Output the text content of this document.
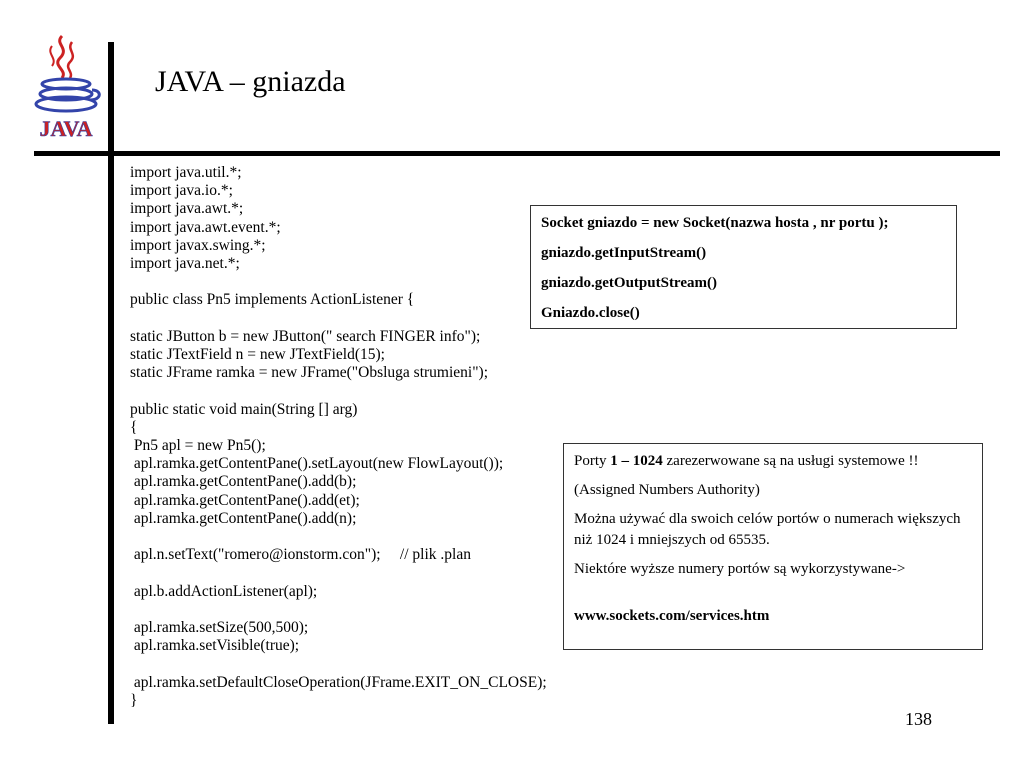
JAVA
JAVA – gniazda
import java.util.*;
import java.io.*;
import java.awt.*;
import java.awt.event.*;
import javax.swing.*;
import java.net.*;

public class Pn5 implements ActionListener {

static JButton b = new JButton(" search FINGER info");
static JTextField n = new JTextField(15);
static JFrame ramka = new JFrame("Obsluga strumieni");

public static void main(String [] arg)
{
Pn5 apl = new Pn5();
apl.ramka.getContentPane().setLayout(new FlowLayout());
apl.ramka.getContentPane().add(b);
apl.ramka.getContentPane().add(et);
apl.ramka.getContentPane().add(n);

apl.n.setText("romero@ionstorm.con");     // plik .plan

apl.b.addActionListener(apl);

apl.ramka.setSize(500,500);
apl.ramka.setVisible(true);

apl.ramka.setDefaultCloseOperation(JFrame.EXIT_ON_CLOSE);
}

Socket gniazdo = new Socket(nazwa hosta , nr portu );

gniazdo.getInputStream()

gniazdo.getOutputStream()

Gniazdo.close()

Porty 1 – 1024 zarezerwowane są na usługi systemowe !!

(Assigned Numbers Authority)

Można używać dla swoich celów portów o numerach większych niż 1024 i mniejszych od 65535.

Niektóre wyższe numery portów są wykorzystywane->

www.sockets.com/services.htm

138
